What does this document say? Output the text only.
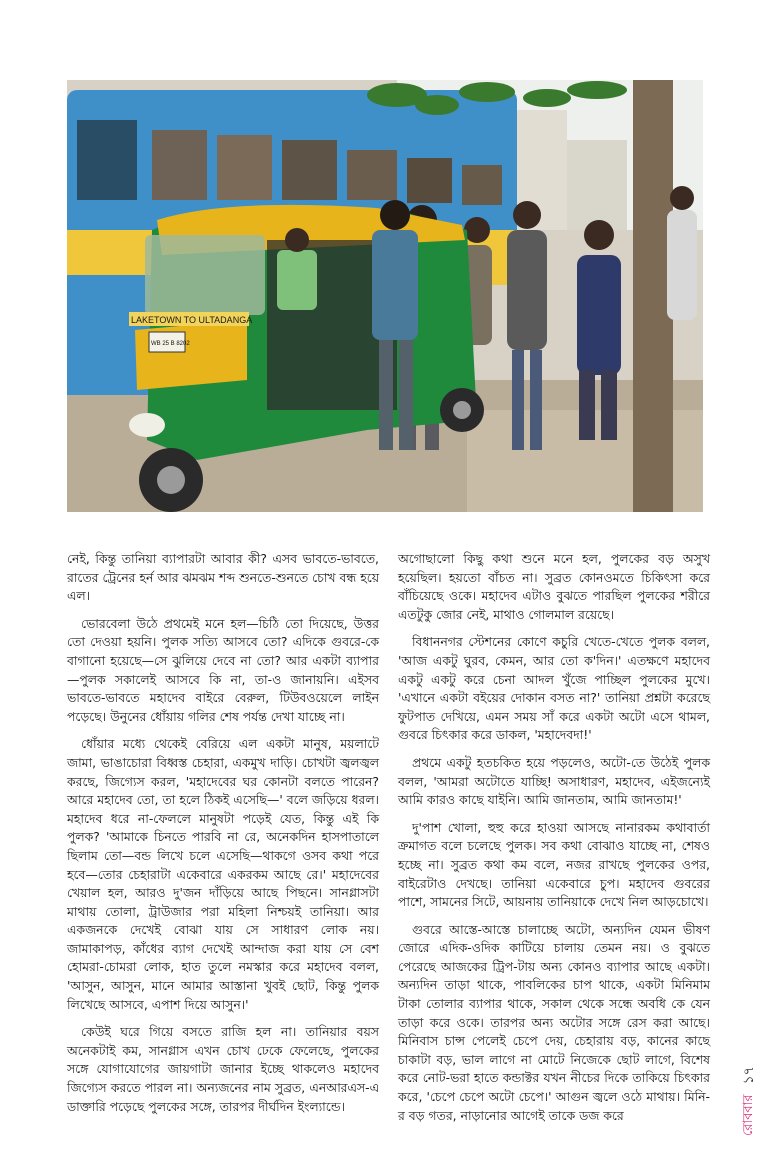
LAKETOWN TO ULTADANGA
WB 25 B 8202

নেই, কিন্তু তানিয়া ব্যাপারটা আবার কী? এসব ভাবতে-ভাবতে, রাতের ট্রেনের হর্ন আর ঝমঝম শব্দ শুনতে-শুনতে চোখ বন্ধ হয়ে এল।

ভোরবেলা উঠে প্রথমেই মনে হল—চিঠি তো দিয়েছে, উত্তর তো দেওয়া হয়নি। পুলক সত্যি আসবে তো? এদিকে গুবরে-কে বাগানো হয়েছে—সে ঝুলিয়ে দেবে না তো? আর একটা ব্যাপার—পুলক সকালেই আসবে কি না, তা-ও জানায়নি। এইসব ভাবতে-ভাবতে মহাদেব বাইরে বেরুল, টিউবওয়েলে লাইন পড়েছে। উনুনের ধোঁয়ায় গলির শেষ পর্যন্ত দেখা যাচ্ছে না।

ধোঁয়ার মধ্যে থেকেই বেরিয়ে এল একটা মানুষ, ময়লাটে জামা, ভাঙাচোরা বিধ্বস্ত চেহারা, একমুখ দাড়ি। চোখটা জ্বলজ্বল করছে, জিগ্যেস করল, 'মহাদেবের ঘর কোনটা বলতে পারেন? আরে মহাদেব তো, তা হলে ঠিকই এসেছি—' বলে জড়িয়ে ধরল। মহাদেব ধরে না-ফেললে মানুষটা পড়েই যেত, কিন্তু এই কি পুলক? 'আমাকে চিনতে পারবি না রে, অনেকদিন হাসপাতালে ছিলাম তো—বন্ড লিখে চলে এসেছি—থাকগে ওসব কথা পরে হবে—তোর চেহারাটা একেবারে একরকম আছে রে।' মহাদেবের খেয়াল হল, আরও দু'জন দাঁড়িয়ে আছে পিছনে। সানগ্লাসটা মাথায় তোলা, ট্রাউজার পরা মহিলা নিশ্চয়ই তানিয়া। আর একজনকে দেখেই বোঝা যায় সে সাধারণ লোক নয়। জামাকাপড়, কাঁধের ব্যাগ দেখেই আন্দাজ করা যায় সে বেশ হোমরা-চোমরা লোক, হাত তুলে নমস্কার করে মহাদেব বলল, 'আসুন, আসুন, মানে আমার আস্তানা খুবই ছোট, কিন্তু পুলক লিখেছে আসবে, এপাশ দিয়ে আসুন।'

কেউই ঘরে গিয়ে বসতে রাজি হল না। তানিয়ার বয়স অনেকটাই কম, সানগ্লাস এখন চোখ ঢেকে ফেলেছে, পুলকের সঙ্গে যোগাযোগের জায়গাটা জানার ইচ্ছে থাকলেও মহাদেব জিগ্যেস করতে পারল না। অন্যজনের নাম সুব্রত, এনআরএস-এ ডাক্তারি পড়েছে পুলকের সঙ্গে, তারপর দীর্ঘদিন ইংল্যান্ডে।

অগোছালো কিছু কথা শুনে মনে হল, পুলকের বড় অসুখ হয়েছিল। হয়তো বাঁচত না। সুব্রত কোনওমতে চিকিৎসা করে বাঁচিয়েছে ওকে। মহাদেব এটাও বুঝতে পারছিল পুলকের শরীরে এতটুকু জোর নেই, মাথাও গোলমাল রয়েছে।

বিধাননগর স্টেশনের কোণে কচুরি খেতে-খেতে পুলক বলল, 'আজ একটু ঘুরব, কেমন, আর তো ক'দিন।' এতক্ষণে মহাদেব একটু একটু করে চেনা আদল খুঁজে পাচ্ছিল পুলকের মুখে। 'এখানে একটা বইয়ের দোকান বসত না?' তানিয়া প্রশ্নটা করেছে ফুটপাত দেখিয়ে, এমন সময় সাঁ করে একটা অটো এসে থামল, গুবরে চিৎকার করে ডাকল, 'মহাদেবদা!'

প্রথমে একটু হতচকিত হয়ে পড়লেও, অটো-তে উঠেই পুলক বলল, 'আমরা অটোতে যাচ্ছি! অসাধারণ, মহাদেব, এইজন্যেই আমি কারও কাছে যাইনি। আমি জানতাম, আমি জানতাম!'

দু'পাশ খোলা, হুহু করে হাওয়া আসছে নানারকম কথাবার্তা ক্রমাগত বলে চলেছে পুলক। সব কথা বোঝাও যাচ্ছে না, শেষও হচ্ছে না। সুব্রত কথা কম বলে, নজর রাখছে পুলকের ওপর, বাইরেটাও দেখছে। তানিয়া একেবারে চুপ। মহাদেব গুবরের পাশে, সামনের সিটে, আয়নায় তানিয়াকে দেখে নিল আড়চোখে।

গুবরে আস্তে-আস্তে চালাচ্ছে অটো, অন্যদিন যেমন ভীষণ জোরে এদিক-ওদিক কাটিয়ে চালায় তেমন নয়। ও বুঝতে পেরেছে আজকের ট্রিপ-টায় অন্য কোনও ব্যাপার আছে একটা। অন্যদিন তাড়া থাকে, পাবলিকের চাপ থাকে, একটা মিনিমাম টাকা তোলার ব্যাপার থাকে, সকাল থেকে সন্ধে অবধি কে যেন তাড়া করে ওকে। তারপর অন্য অটোর সঙ্গে রেস করা আছে। মিনিবাস চান্স পেলেই চেপে দেয়, চেহারায় বড়, কানের কাছে চাকাটা বড়, ভাল লাগে না মোটে নিজেকে ছোট লাগে, বিশেষ করে নোট-ভরা হাতে কন্ডাক্টর যখন নীচের দিকে তাকিয়ে চিৎকার করে, 'চেপে চেপে অটো চেপে।' আগুন জ্বলে ওঠে মাথায়। মিনি-র বড় গতর, নাড়ানোর আগেই তাকে ডজ করে	রোববার
১৭
